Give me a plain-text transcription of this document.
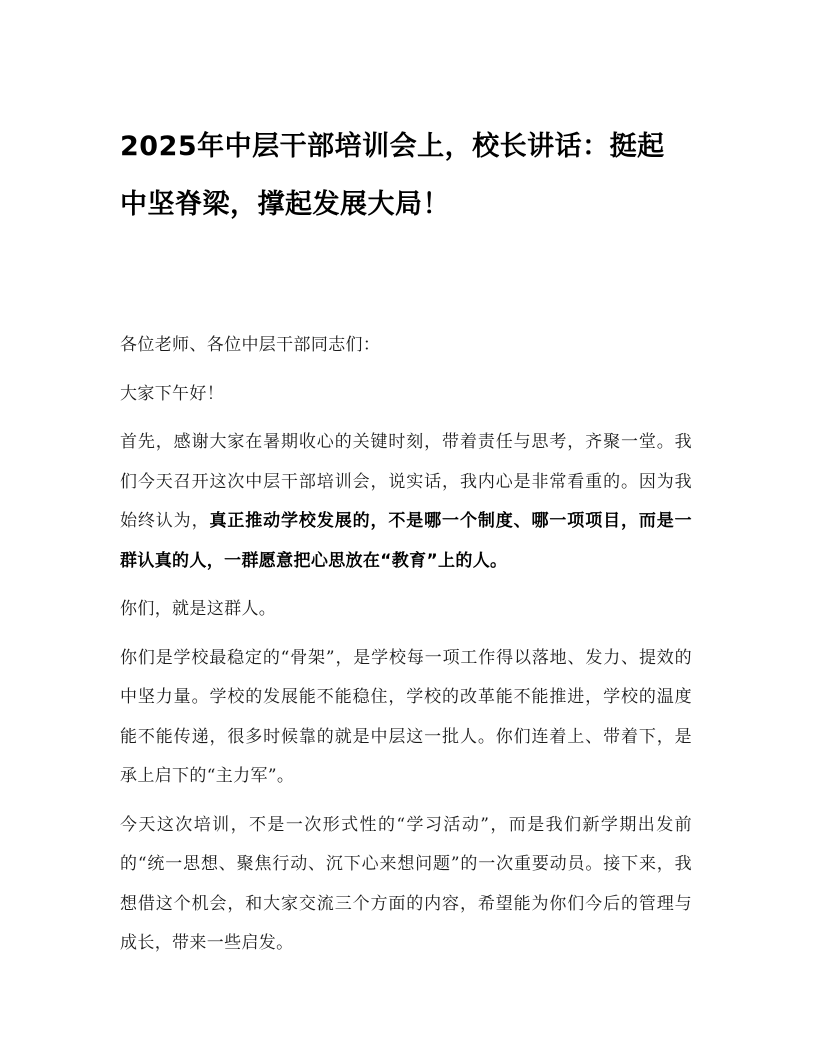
2025年中层干部培训会上，校长讲话：挺起中坚脊梁，撑起发展大局！

各位老师、各位中层干部同志们：

大家下午好！

首先，感谢大家在暑期收心的关键时刻，带着责任与思考，齐聚一堂。我们今天召开这次中层干部培训会，说实话，我内心是非常看重的。因为我始终认为，真正推动学校发展的，不是哪一个制度、哪一项项目，而是一群认真的人，一群愿意把心思放在“教育”上的人。

你们，就是这群人。

你们是学校最稳定的“骨架”，是学校每一项工作得以落地、发力、提效的中坚力量。学校的发展能不能稳住，学校的改革能不能推进，学校的温度能不能传递，很多时候靠的就是中层这一批人。你们连着上、带着下，是承上启下的“主力军”。

今天这次培训，不是一次形式性的“学习活动”，而是我们新学期出发前的“统一思想、聚焦行动、沉下心来想问题”的一次重要动员。接下来，我想借这个机会，和大家交流三个方面的内容，希望能为你们今后的管理与成长，带来一些启发。
